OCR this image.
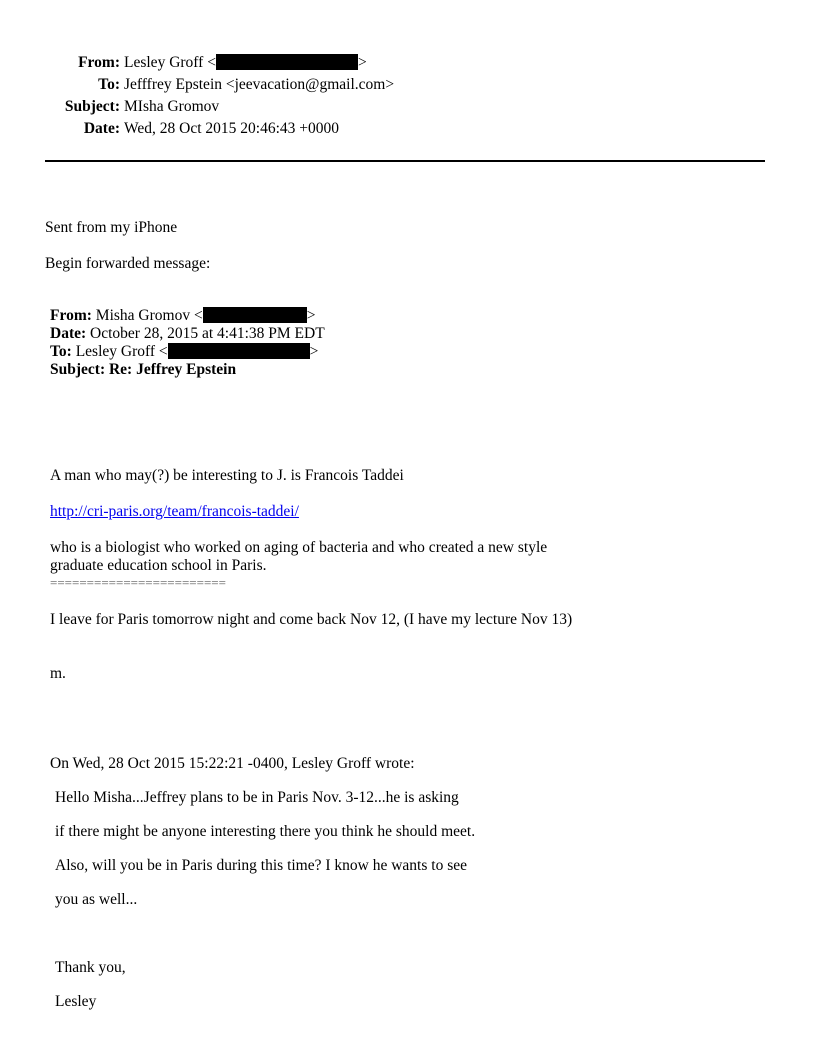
From: Lesley Groff <	>
To: Jefffrey Epstein <jeevacation@gmail.com>
Subject: MIsha Gromov
Date: Wed, 28 Oct 2015 20:46:43 +0000
Sent from my iPhone
Begin forwarded message:
From: Misha Gromov <	>
Date: October 28, 2015 at 4:41:38 PM EDT
To: Lesley Groff <	>
Subject: Re: Jeffrey Epstein
A man who may(?) be interesting to J. is Francois Taddei
http://cri-paris.org/team/francois-taddei/
who is a biologist who worked on aging of bacteria and who created a new style
graduate education school in Paris.
========================
I leave for Paris tomorrow night and come back Nov 12, (I have my lecture Nov 13)
m.
On Wed, 28 Oct 2015 15:22:21 -0400, Lesley Groff wrote:
Hello Misha...Jeffrey plans to be in Paris Nov. 3-12...he is asking
if there might be anyone interesting there you think he should meet.
Also, will you be in Paris during this time? I know he wants to see
you as well...
Thank you,
Lesley
